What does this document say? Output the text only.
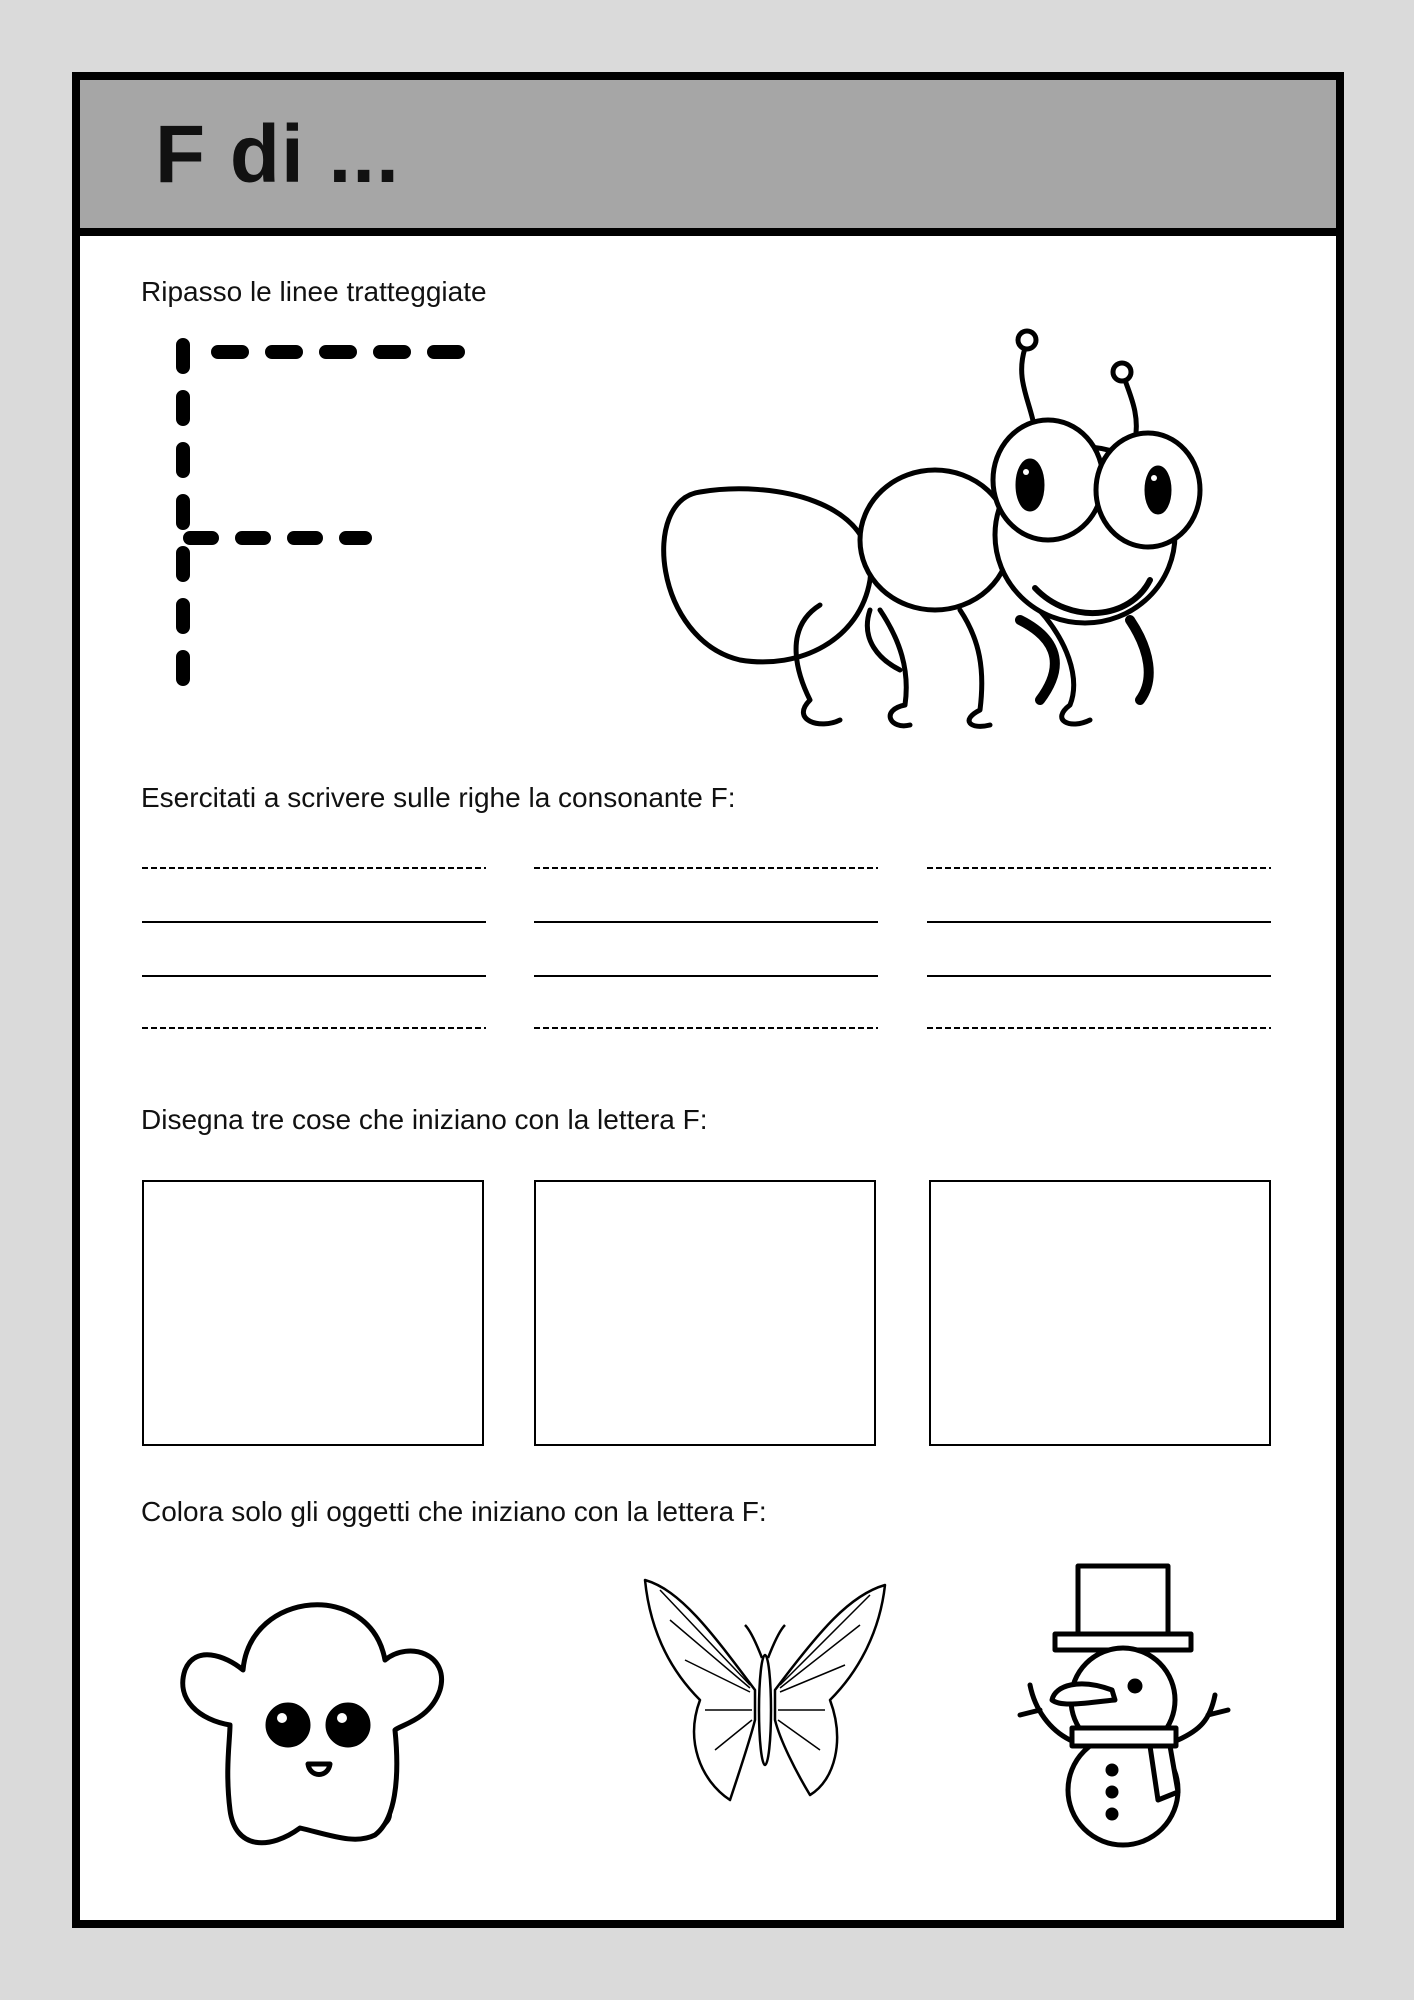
F di ...
Ripasso le linee tratteggiate
Esercitati a scrivere sulle righe la consonante F:
Disegna tre cose che iniziano con la lettera F:
Colora solo gli oggetti che iniziano con la lettera F:
